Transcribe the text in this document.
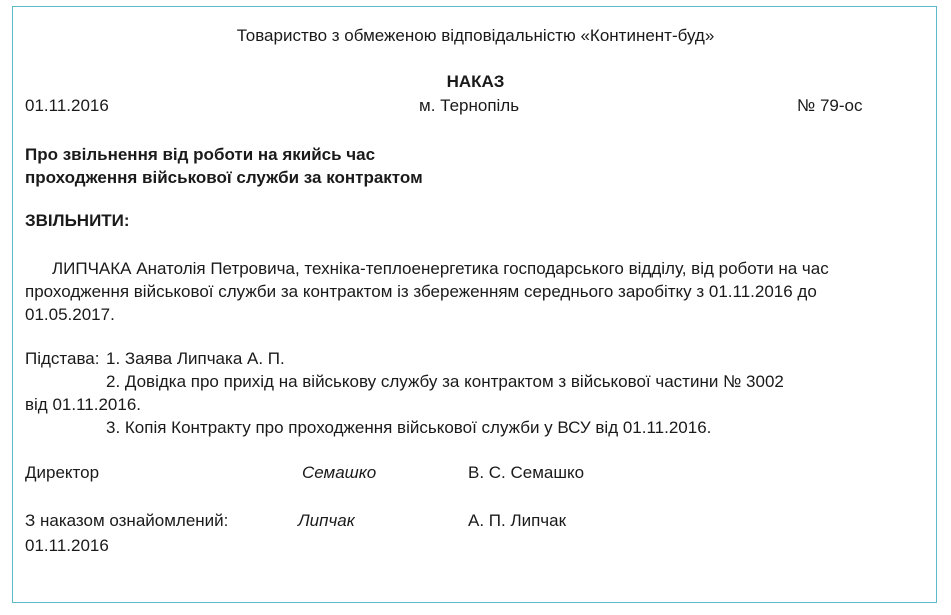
Товариство з обмеженою відповідальністю «Континент-буд»
НАКАЗ
01.11.2016	м. Тернопіль	№ 79-ос
Про звільнення від роботи на якийсь час
проходження військової служби за контрактом
ЗВІЛЬНИТИ:
ЛИПЧАКА Анатолія Петровича, техніка-теплоенергетика господарського відділу, від роботи на час
проходження військової служби за контрактом із збереженням середнього заробітку з 01.11.2016 до
01.05.2017.
Підстава: 1. Заява Липчака А. П.
2. Довідка про прихід на військову службу за контрактом з військової частини № 3002
від 01.11.2016.
3. Копія Контракту про проходження військової служби у ВСУ від 01.11.2016.
Директор	Семашко	В. С. Семашко
З наказом ознайомлений:	Липчак	А. П. Липчак
01.11.2016
